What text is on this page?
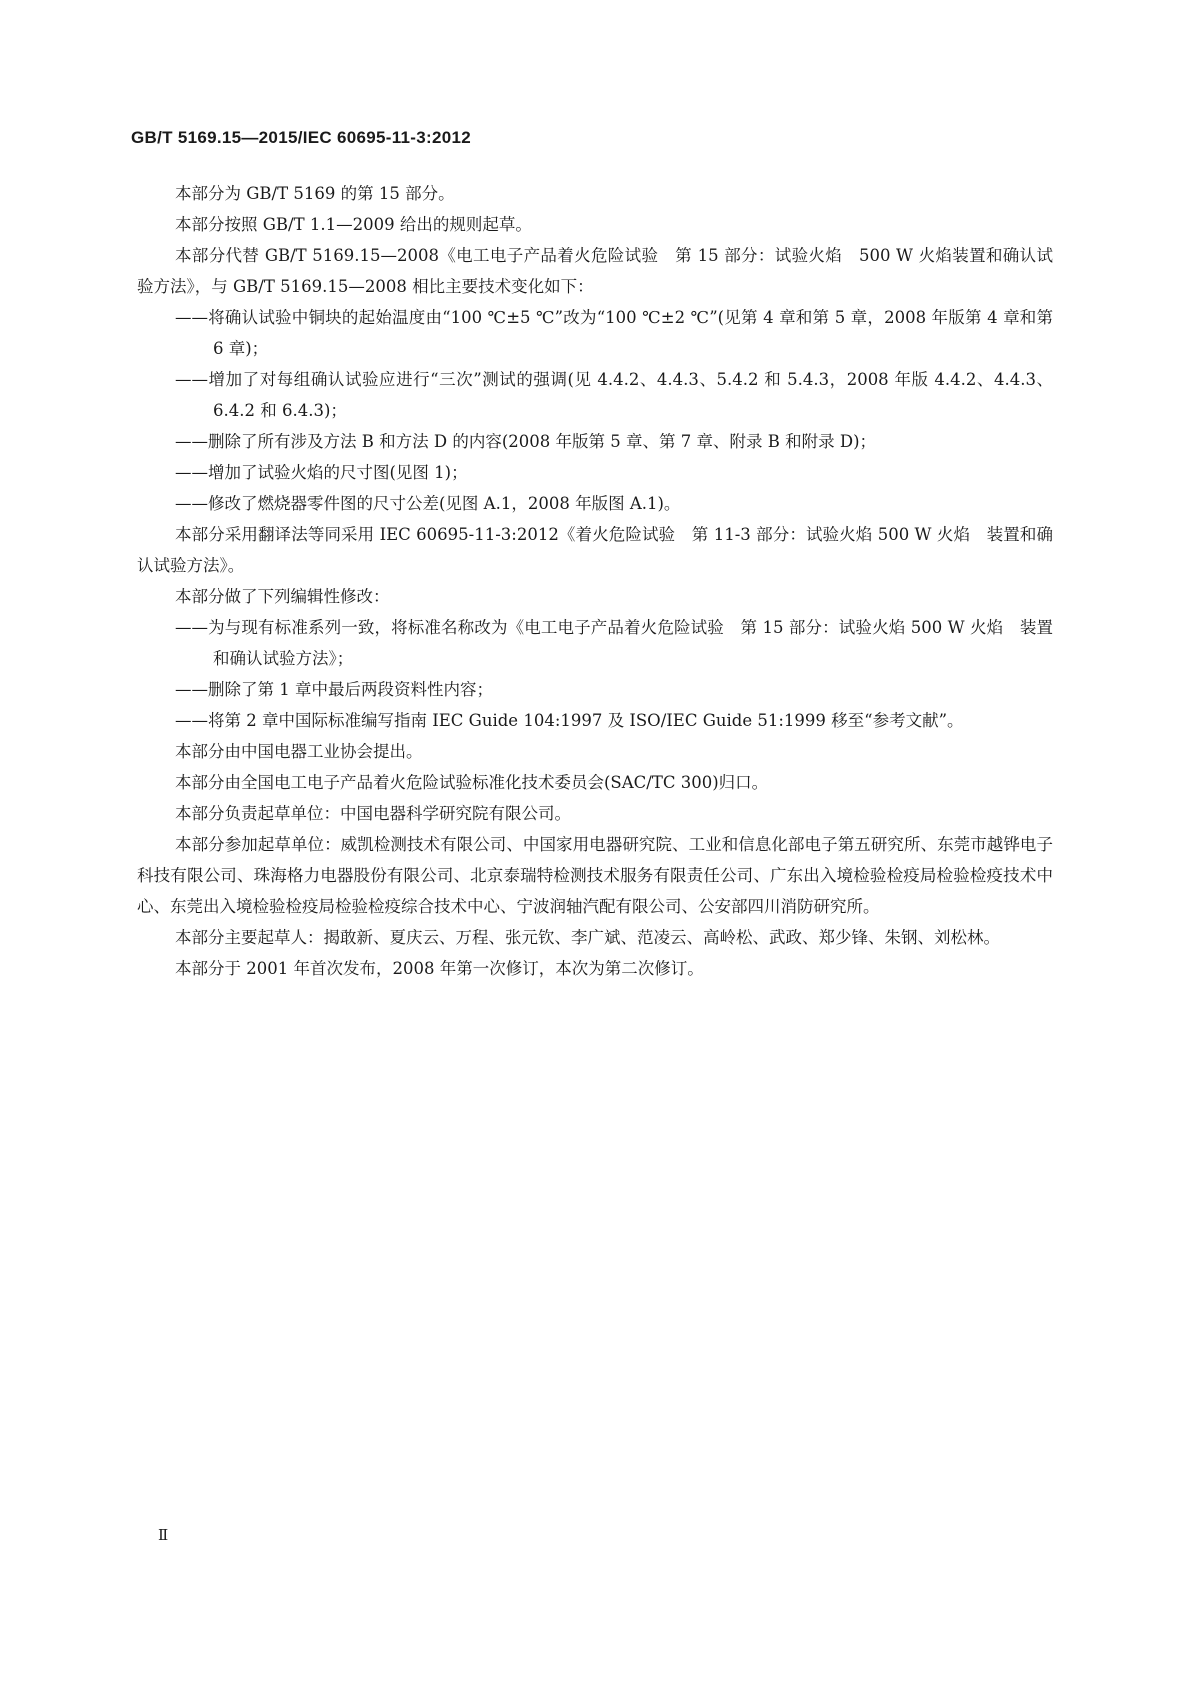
GB/T 5169.15—2015/IEC 60695-11-3:2012

本部分为 GB/T 5169 的第 15 部分。

本部分按照 GB/T 1.1—2009 给出的规则起草。

本部分代替 GB/T 5169.15—2008《电工电子产品着火危险试验　第 15 部分：试验火焰　500 W 火焰装置和确认试验方法》，与 GB/T 5169.15—2008 相比主要技术变化如下：

——将确认试验中铜块的起始温度由“100 ℃±5 ℃”改为“100 ℃±2 ℃”(见第 4 章和第 5 章，2008 年版第 4 章和第 6 章)；

——增加了对每组确认试验应进行“三次”测试的强调(见 4.4.2、4.4.3、5.4.2 和 5.4.3，2008 年版 4.4.2、4.4.3、6.4.2 和 6.4.3)；

——删除了所有涉及方法 B 和方法 D 的内容(2008 年版第 5 章、第 7 章、附录 B 和附录 D)；

——增加了试验火焰的尺寸图(见图 1)；

——修改了燃烧器零件图的尺寸公差(见图 A.1，2008 年版图 A.1)。

本部分采用翻译法等同采用 IEC 60695-11-3:2012《着火危险试验　第 11-3 部分：试验火焰 500 W 火焰　装置和确认试验方法》。

本部分做了下列编辑性修改：

——为与现有标准系列一致，将标准名称改为《电工电子产品着火危险试验　第 15 部分：试验火焰 500 W 火焰　装置和确认试验方法》；

——删除了第 1 章中最后两段资料性内容；

——将第 2 章中国际标准编写指南 IEC Guide 104:1997 及 ISO/IEC Guide 51:1999 移至“参考文献”。

本部分由中国电器工业协会提出。

本部分由全国电工电子产品着火危险试验标准化技术委员会(SAC/TC 300)归口。

本部分负责起草单位：中国电器科学研究院有限公司。

本部分参加起草单位：威凯检测技术有限公司、中国家用电器研究院、工业和信息化部电子第五研究所、东莞市越铧电子科技有限公司、珠海格力电器股份有限公司、北京泰瑞特检测技术服务有限责任公司、广东出入境检验检疫局检验检疫技术中心、东莞出入境检验检疫局检验检疫综合技术中心、宁波润轴汽配有限公司、公安部四川消防研究所。

本部分主要起草人：揭敢新、夏庆云、万程、张元钦、李广斌、范凌云、高岭松、武政、郑少锋、朱钢、刘松林。

本部分于 2001 年首次发布，2008 年第一次修订，本次为第二次修订。

Ⅱ
